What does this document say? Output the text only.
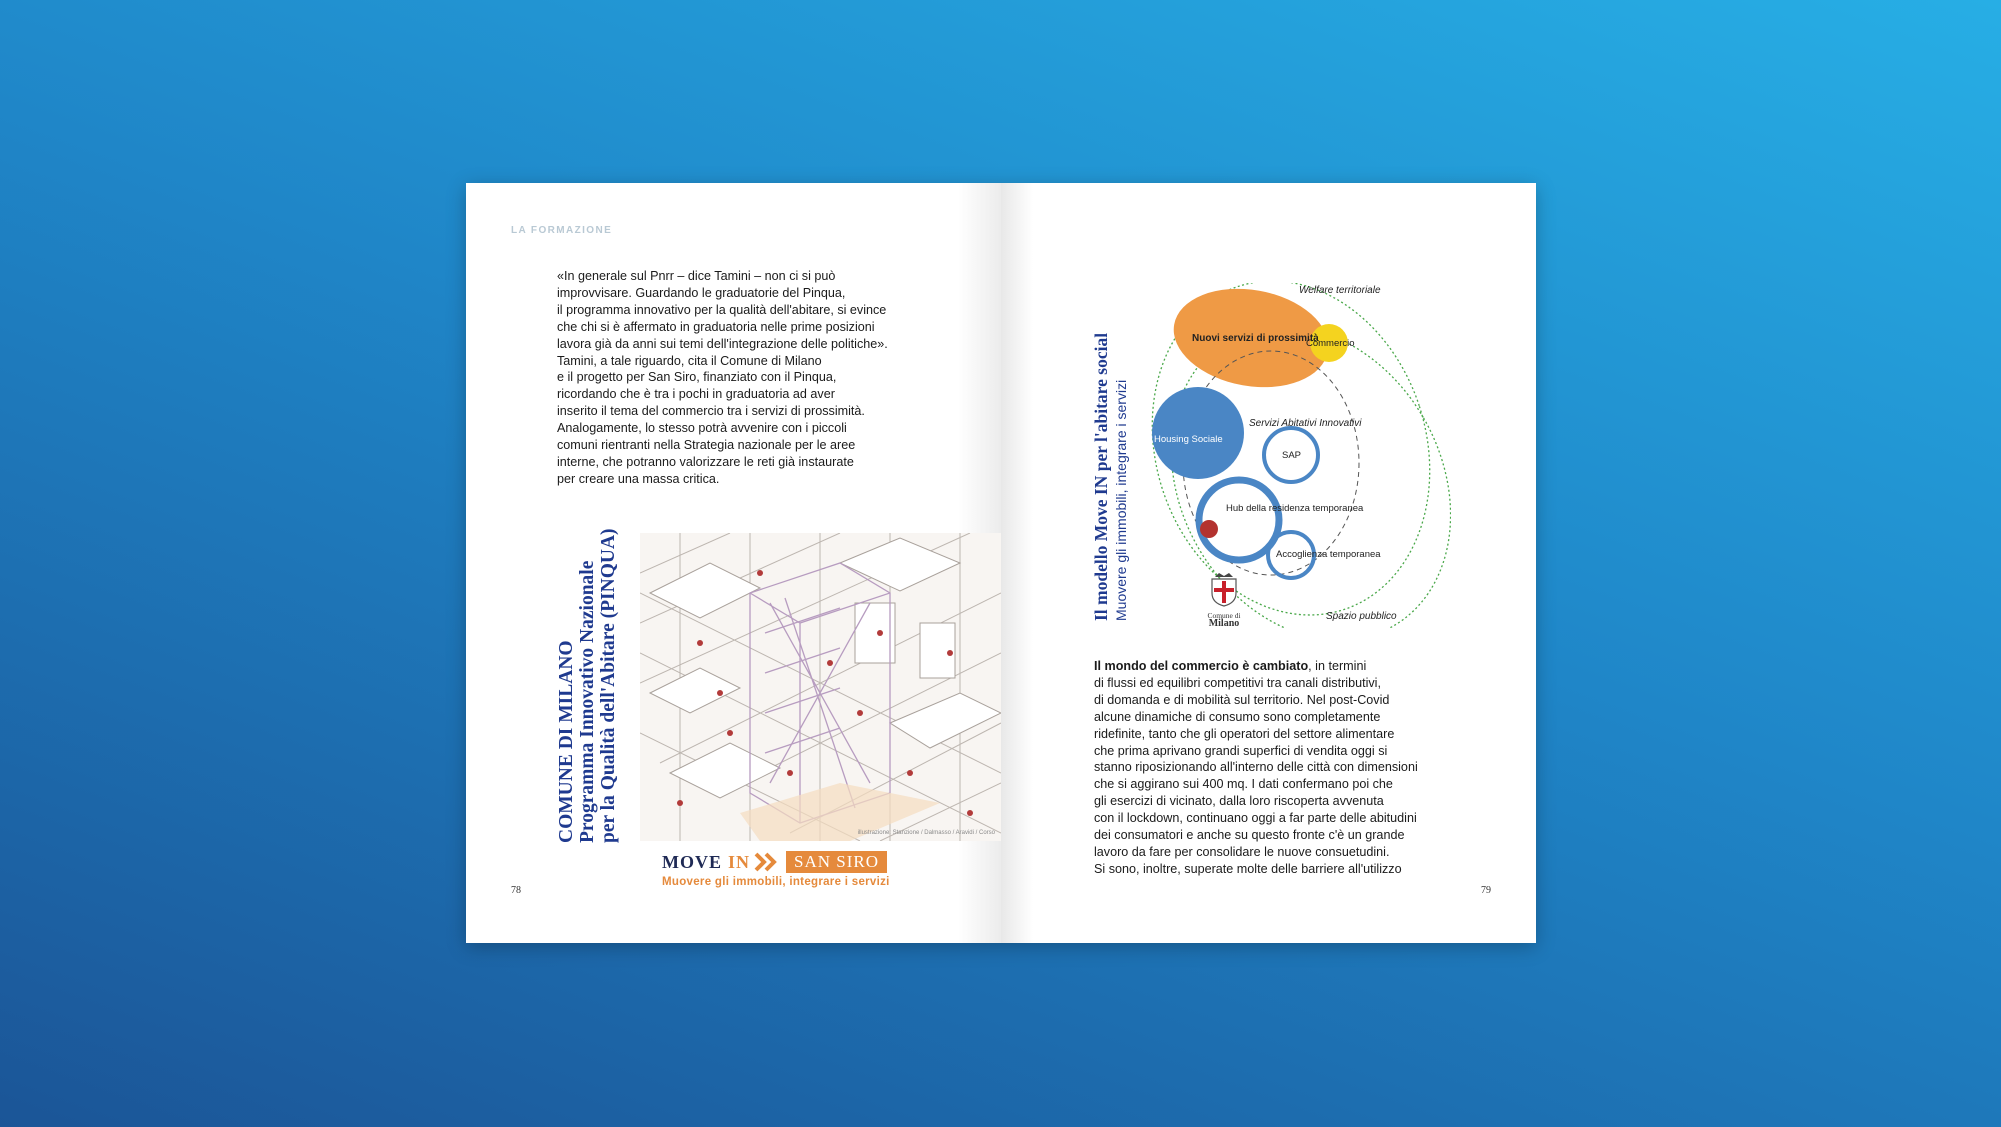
LA FORMAZIONE
«In generale sul Pnrr – dice Tamini – non ci si può
improvvisare. Guardando le graduatorie del Pinqua,
il programma innovativo per la qualità dell'abitare, si evince
che chi si è affermato in graduatoria nelle prime posizioni
lavora già da anni sui temi dell'integrazione delle politiche».
Tamini, a tale riguardo, cita il Comune di Milano
e il progetto per San Siro, finanziato con il Pinqua,
ricordando che è tra i pochi in graduatoria ad aver
inserito il tema del commercio tra i servizi di prossimità.
Analogamente, lo stesso potrà avvenire con i piccoli
comuni rientranti nella Strategia nazionale per le aree
interne, che potranno valorizzare le reti già instaurate
per creare una massa critica.
COMUNE DI MILANO Programma Innovativo Nazionale per la Qualità dell'Abitare (PINQUA)	illustrazione: Stanzione / Dalmasso / Aravidi / Corso
MOVE IN	SAN SIRO
Muovere gli immobili, integrare i servizi
78
Il modello Move IN per l'abitare social Muovere gli immobili, integrare i servizi
Welfare territoriale
Nuovi servizi di prossimità
Commercio
Servizi Abitativi Innovativi
Housing Sociale
SAP
Hub della residenza temporanea
Accoglienza temporanea
Spazio pubblico
Comune di
Milano
Il mondo del commercio è cambiato, in termini
di flussi ed equilibri competitivi tra canali distributivi,
di domanda e di mobilità sul territorio. Nel post-Covid
alcune dinamiche di consumo sono completamente
ridefinite, tanto che gli operatori del settore alimentare
che prima aprivano grandi superfici di vendita oggi si
stanno riposizionando all'interno delle città con dimensioni
che si aggirano sui 400 mq. I dati confermano poi che
gli esercizi di vicinato, dalla loro riscoperta avvenuta
con il lockdown, continuano oggi a far parte delle abitudini
dei consumatori e anche su questo fronte c'è un grande
lavoro da fare per consolidare le nuove consuetudini.
Si sono, inoltre, superate molte delle barriere all'utilizzo
79
